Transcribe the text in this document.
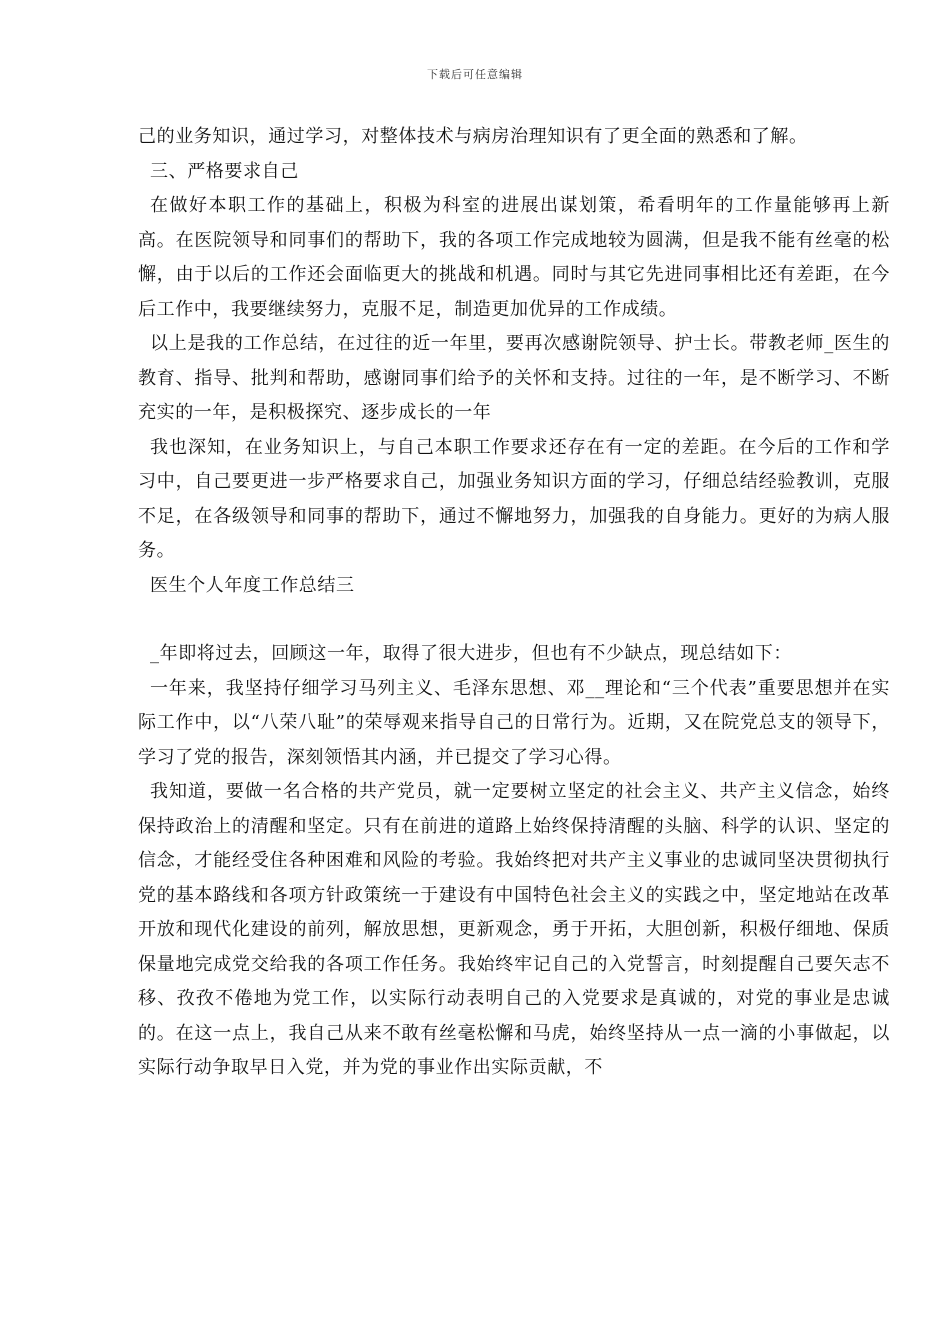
下载后可任意编辑

己的业务知识，通过学习，对整体技术与病房治理知识有了更全面的熟悉和了解。

三、严格要求自己

在做好本职工作的基础上，积极为科室的进展出谋划策，希看明年的工作量能够再上新高。在医院领导和同事们的帮助下，我的各项工作完成地较为圆满，但是我不能有丝毫的松懈，由于以后的工作还会面临更大的挑战和机遇。同时与其它先进同事相比还有差距，在今后工作中，我要继续努力，克服不足，制造更加优异的工作成绩。

以上是我的工作总结，在过往的近一年里，要再次感谢院领导、护士长。带教老师_医生的教育、指导、批判和帮助，感谢同事们给予的关怀和支持。过往的一年，是不断学习、不断充实的一年，是积极探究、逐步成长的一年

我也深知，在业务知识上，与自己本职工作要求还存在有一定的差距。在今后的工作和学习中，自己要更进一步严格要求自己，加强业务知识方面的学习，仔细总结经验教训，克服不足，在各级领导和同事的帮助下，通过不懈地努力，加强我的自身能力。更好的为病人服务。

医生个人年度工作总结三

_年即将过去，回顾这一年，取得了很大进步，但也有不少缺点，现总结如下：

一年来，我坚持仔细学习马列主义、毛泽东思想、邓__理论和“三个代表”重要思想并在实际工作中，以“八荣八耻”的荣辱观来指导自己的日常行为。近期，又在院党总支的领导下，学习了党的报告，深刻领悟其内涵，并已提交了学习心得。

我知道，要做一名合格的共产党员，就一定要树立坚定的社会主义、共产主义信念，始终保持政治上的清醒和坚定。只有在前进的道路上始终保持清醒的头脑、科学的认识、坚定的信念，才能经受住各种困难和风险的考验。我始终把对共产主义事业的忠诚同坚决贯彻执行党的基本路线和各项方针政策统一于建设有中国特色社会主义的实践之中，坚定地站在改革开放和现代化建设的前列，解放思想，更新观念，勇于开拓，大胆创新，积极仔细地、保质保量地完成党交给我的各项工作任务。我始终牢记自己的入党誓言，时刻提醒自己要矢志不移、孜孜不倦地为党工作，以实际行动表明自己的入党要求是真诚的，对党的事业是忠诚的。在这一点上，我自己从来不敢有丝毫松懈和马虎，始终坚持从一点一滴的小事做起，以实际行动争取早日入党，并为党的事业作出实际贡献，不
